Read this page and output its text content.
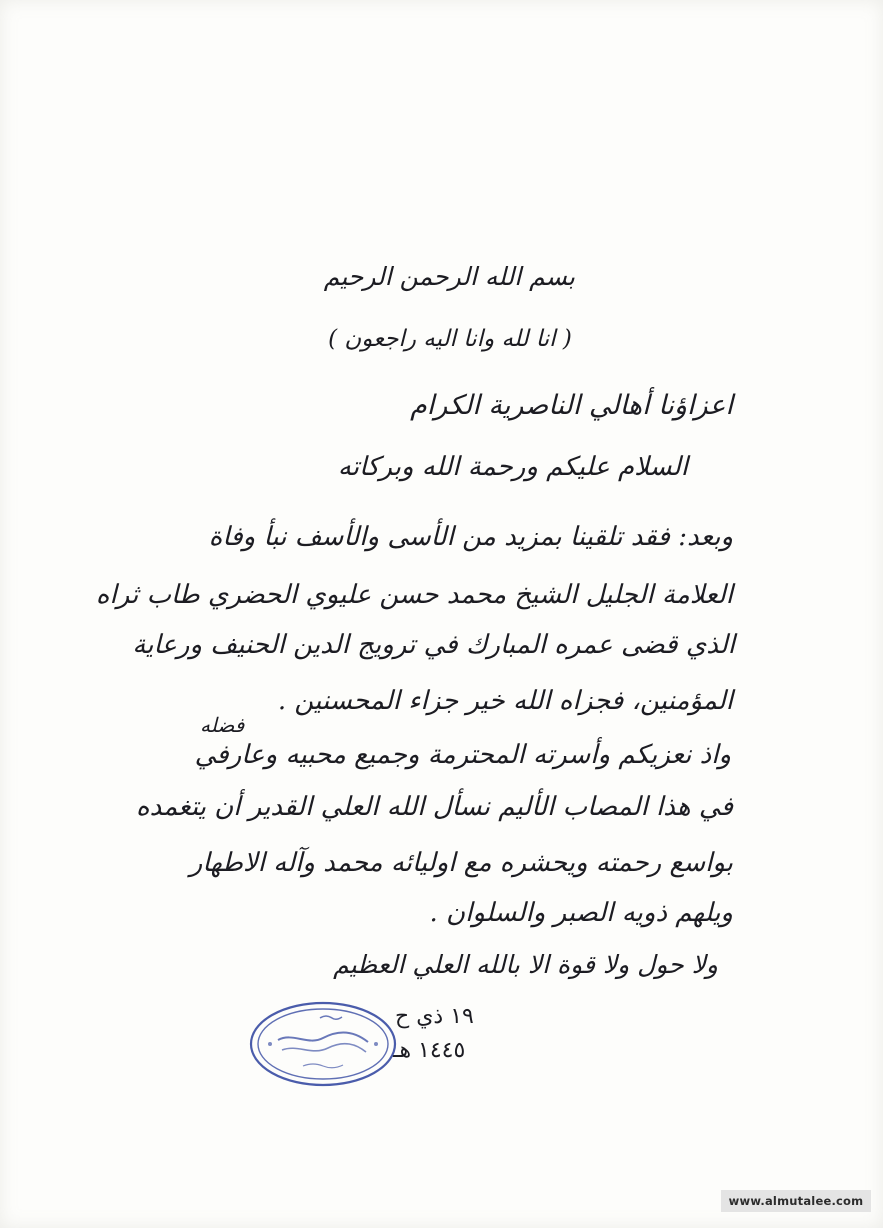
بسم الله الرحمن الرحيم
( انا لله وانا اليه راجعون )
اعزاؤنا أهالي الناصرية الكرام
السلام عليكم ورحمة الله وبركاته
وبعد: فقد تلقينا بمزيد من الأسى والأسف نبأ وفاة
العلامة الجليل الشيخ محمد حسن عليوي الحضري طاب ثراه
الذي قضى عمره المبارك في ترويج الدين الحنيف ورعاية
المؤمنين، فجزاه الله خير جزاء المحسنين .
واذ نعزيكم وأسرته المحترمة وجميع محبيه وعارفي
فضله
في هذا المصاب الأليم نسأل الله العلي القدير أن يتغمده
بواسع رحمته ويحشره مع اوليائه محمد وآله الاطهار
ويلهم ذويه الصبر والسلوان .
ولا حول ولا قوة الا بالله العلي العظيم
١٩ ذي ح
١٤٤٥ هـ
www.almutalee.com
